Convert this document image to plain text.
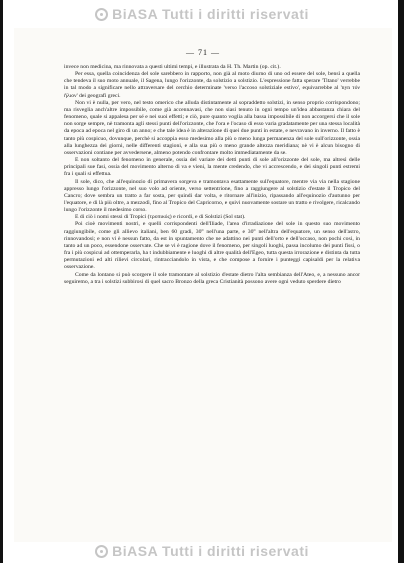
BiASA Tutti i diritti riservati
— 71 —

invece non medicina, ma rinnovata a questi ultimi tempi, e illustrata da H. Th. Martin (op. cit.).

Per essa, quella coincidenza del sole sarebbero in rapporto, non già al moto diurno di uno od essere del sole, bensì a quella che tendeva il suo moto annuale, il Sagena, lungo l'orizzonte, da solstizio a solstizio. L'espressione fatta sperare 'Titano' verrebbe in tal modo a significare nello attraversare del cerchio determinate 'verso l'accoso solstiziale estivo', equivarrebbe al 'nyn τόν ἥλιον' dei geografi greci.

Non vi è nulla, per vero, nel testo omerico che alluda distintamente al sopraddetto solstizi, in senso proprio corrispondono; ma risveglia anch'altre impossibile, come già accennavasi, che non siasi tenuto in ogni tempo un'idea abbastanza chiara del fenomeno, quale si appalesa per sé e nei suoi effetti; e ciò, pure quanto voglia alla bassa impossibile di non accorgersi che il sole non sorge sempre, nè tramonta agli stessi punti dell'orizzonte, che l'ora e l'ocaso di esso varia gradatamente per una stessa località da epoca ad epoca nel giro di un anno; e che tale idea è in alterazione di quei due punti in estate, e nevravano in inverno. Il fatto è tanto più cospicuo, dovunque, perchè si accoppia esso medesimo alla più o meno lunga permanenza del sole sull'orizzonte, ossia alla lunghezza dei giorni, nelle differenti stagioni, e alla sua più o meno grande altezza meridiana; nè vi è alcun bisogno di osservazioni contiane per avvedersene, almeno potendo confrontare molto immediatamente da se.

E non soltanto del fenomeno in generale, ossia del variare dei detti punti di sole all'orizzonte del sole, ma altresì delle principali sue fasi, ossia del movimento alterno di va e vieni, la mente credendo, che vi accrescendo, e dei singoli punti estremi fra i quali si effettua.

Il sole, dico, che all'equinozio di primavera sorgeva e tramontava esattamente sull'equatore, mentre via via nella stagione appresso lungo l'orizzonte, nel suo volo ad oriente, verso settentrione, fino a raggiungere al solstizio d'estate il Tropico del Cancro; dove sembra un tratto a far sosta, per quindi dar volta, e ritornare all'inizio, ripassando all'equinozio d'autunno per l'equatore, e di là più oltre, a mezzodì, fino al Tropico del Capricorno, e quivi nuovamente sostare un tratto e rivolgere, ricalcando lungo l'orizzonte il medesimo corso.

E di ciò i nomi stessi di Tropici (τροπικός) e ricordi, e di Solstizi (Sol stat).

Poi cioè movimenti nostri, e quelli corrispondenti dell'Iliade, l'area d'irradiazione del sole in questo suo movimento raggiungibile, come gli allievo italiani, ben 60 gradi, 30° nell'una parte, e 30° nell'altra dell'equatore, un senso dell'astro, rinnovandosi; e non vi è nessun fatto, da est in spuntamento che ne adattino nei punti dell'orto e dell'occaso, non pochi cosi, in tanto ad un poco, essendone osservate. Che se vi è ragione dove il fenomeno, per singoli luoghi, passa incolumo dei punti fissi, o fra i più cospicui ad ottemperarla, ha t indubbiamente e luoghi di altre qualità dell'Egeo, tutta questa irrorazione e distinta da tutta permutazioni ed alti rilievi circolari, rintracciandolo in vista, e che compose a fornire i punteggi capisaldi per la relativa osservazione.

Come da lontano si può scorgere il sole tramontare al solstizio d'estate dietro l'alta sembianza dell'Ateo, e, a nessuno ancor seguiremo, a tra i solstizi subbirosi di quel sacro Bronzo della greca Cristianità possono avere ogni veduto sperdere dietro

BiASA Tutti i diritti riservati
